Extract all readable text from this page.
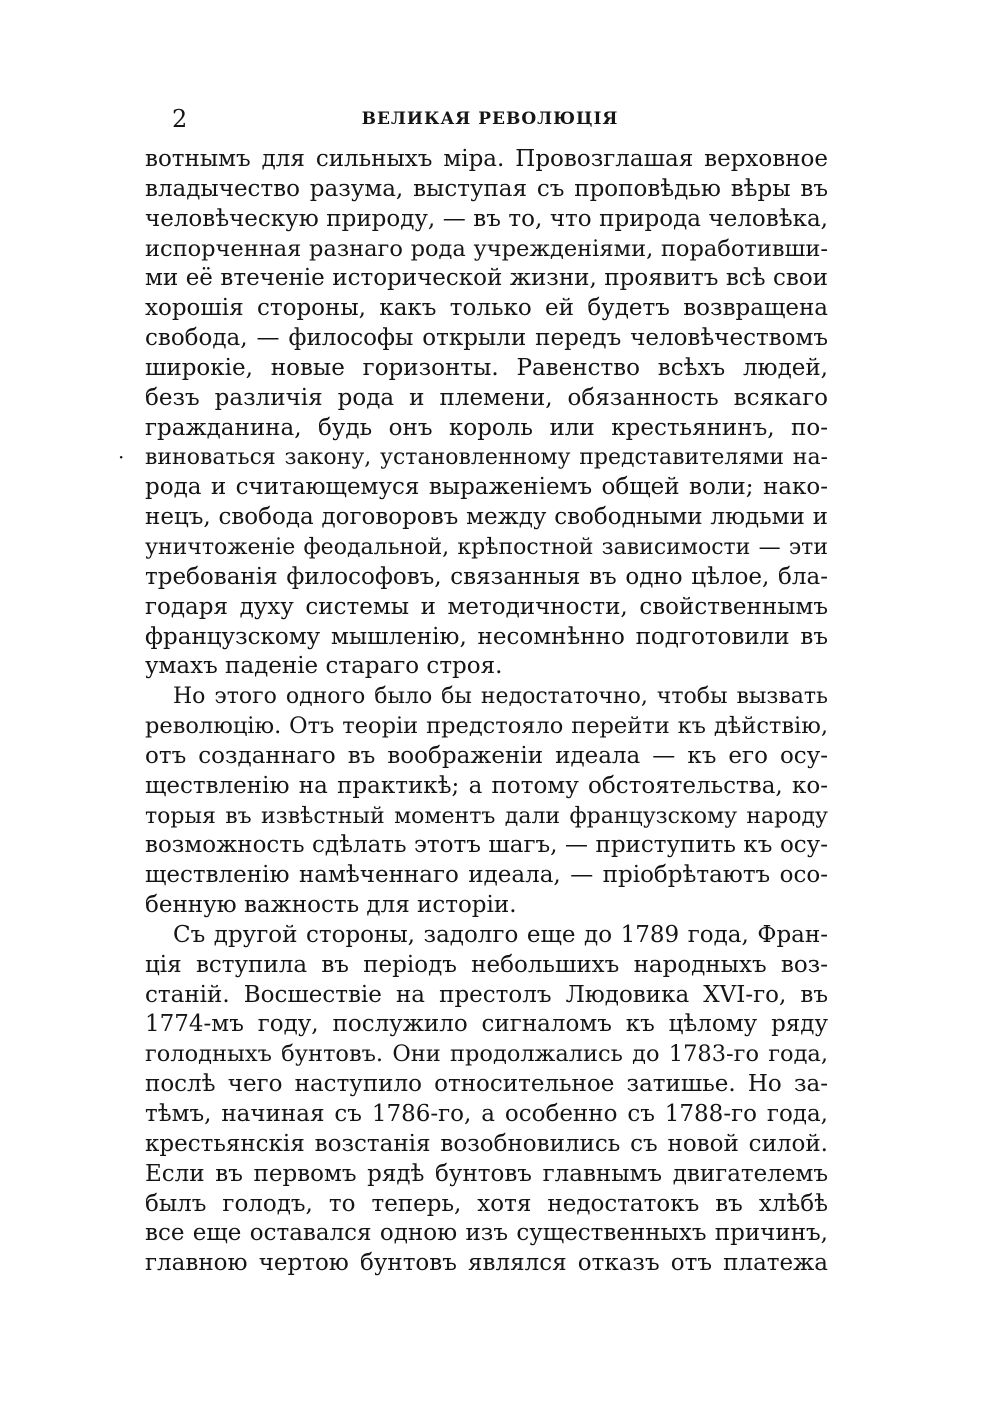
2	ВЕЛИКАЯ РЕВОЛЮЦІЯ
·
вотнымъ для сильныхъ міра. Провозглашая верховное
владычество разума, выступая съ проповѣдью вѣры въ
человѣческую природу, — въ то, что природа человѣка,
испорченная разнаго рода учрежденіями, поработивши-
ми её втеченіе исторической жизни, проявитъ всѣ свои
хорошія стороны, какъ только ей будетъ возвращена
свобода, — философы открыли передъ человѣчествомъ
широкіе, новые горизонты. Равенство всѣхъ людей,
безъ различія рода и племени, обязанность всякаго
гражданина, будь онъ король или крестьянинъ, по-
виноваться закону, установленному представителями на-
рода и считающемуся выраженіемъ общей воли; нако-
нецъ, свобода договоровъ между свободными людьми и
уничтоженіе феодальной, крѣпостной зависимости — эти
требованія философовъ, связанныя въ одно цѣлое, бла-
годаря духу системы и методичности, свойственнымъ
французскому мышленію, несомнѣнно подготовили въ
умахъ паденіе стараго строя.
Но этого одного было бы недостаточно, чтобы вызвать
революцію. Отъ теоріи предстояло перейти къ дѣйствію,
отъ созданнаго въ воображеніи идеала — къ его осу-
ществленію на практикѣ; а потому обстоятельства, ко-
торыя въ извѣстный моментъ дали французскому народу
возможность сдѣлать этотъ шагъ, — приступить къ осу-
ществленію намѣченнаго идеала, — пріобрѣтаютъ осо-
бенную важность для исторіи.
Съ другой стороны, задолго еще до 1789 года, Фран-
ція вступила въ періодъ небольшихъ народныхъ воз-
станій. Восшествіе на престолъ Людовика XVI-го, въ
1774-мъ году, послужило сигналомъ къ цѣлому ряду
голодныхъ бунтовъ. Они продолжались до 1783-го года,
послѣ чего наступило относительное затишье. Но за-
тѣмъ, начиная съ 1786-го, а особенно съ 1788-го года,
крестьянскія возстанія возобновились съ новой силой.
Если въ первомъ рядѣ бунтовъ главнымъ двигателемъ
былъ голодъ, то теперь, хотя недостатокъ въ хлѣбѣ
все еще оставался одною изъ существенныхъ причинъ,
главною чертою бунтовъ являлся отказъ отъ платежа
